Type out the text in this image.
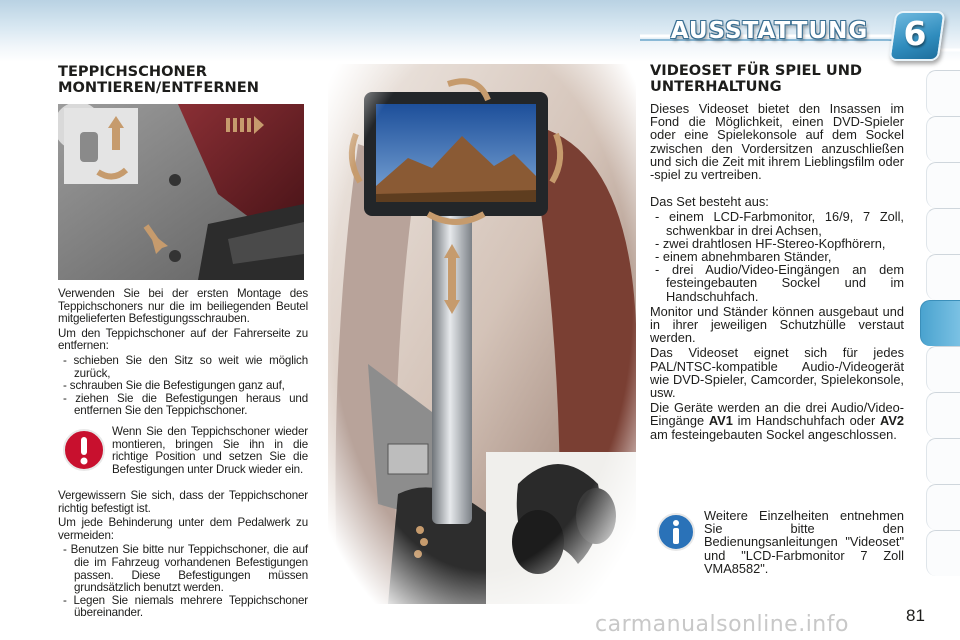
AUSSTATTUNG	6
TEPPICHSCHONER
MONTIEREN/ENTFERNEN

Verwenden Sie bei der ersten Montage des Teppichschoners nur die im beiliegenden Beutel mitgelieferten Befestigungsschrauben.

Um den Teppichschoner auf der Fahrerseite zu entfernen:

- schieben Sie den Sitz so weit wie möglich zurück,
- schrauben Sie die Befestigungen ganz auf,
- ziehen Sie die Befestigungen heraus und entfernen Sie den Teppichschoner.

Wenn Sie den Teppichschoner wieder montieren, bringen Sie ihn in die richtige Position und setzen Sie die Befestigungen unter Druck wieder ein.

Vergewissern Sie sich, dass der Teppichschoner richtig befestigt ist.

Um jede Behinderung unter dem Pedalwerk zu vermeiden:

- Benutzen Sie bitte nur Teppichschoner, die auf die im Fahrzeug vorhandenen Befestigungen passen. Diese Befestigungen müssen grundsätzlich benutzt werden.
- Legen Sie niemals mehrere Teppichschoner übereinander.
VIDEOSET FÜR SPIEL UND
UNTERHALTUNG

Dieses Videoset bietet den Insassen im Fond die Möglichkeit, einen DVD-Spieler oder eine Spielekonsole auf dem Sockel zwischen den Vordersitzen anzuschließen und sich die Zeit mit ihrem Lieblingsfilm oder -spiel zu vertreiben.

Das Set besteht aus:

- einem LCD-Farbmonitor, 16/9, 7 Zoll, schwenkbar in drei Achsen,
- zwei drahtlosen HF-Stereo-Kopfhörern,
- einem abnehmbaren Ständer,
- drei Audio/Video-Eingängen an dem festeingebauten Sockel und im Handschuhfach.

Monitor und Ständer können ausgebaut und in ihrer jeweiligen Schutzhülle verstaut werden.

Das Videoset eignet sich für jedes PAL/NTSC-kompatible Audio-/Videogerät wie DVD-Spieler, Camcorder, Spielekonsole, usw.

Die Geräte werden an die drei Audio/Video-Eingänge AV1 im Handschuhfach oder AV2 am festeingebauten Sockel angeschlossen.

Weitere Einzelheiten entnehmen Sie bitte den Bedienungsanleitungen "Videoset" und "LCD-Farbmonitor 7 Zoll VMA8582".

carmanualsonline.info	81
